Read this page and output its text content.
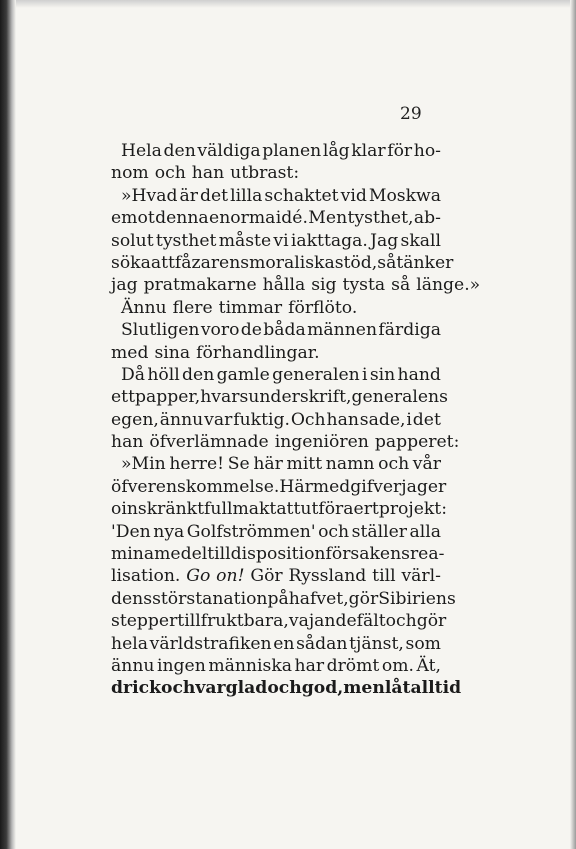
29
Hela den väldiga planen låg klar för ho-
nom och han utbrast:
»Hvad är det lilla schaktet vid Moskwa
emot denna enorma idé. Men tysthet, ab-
solut tysthet måste vi iakttaga. Jag skall
söka att få zarens moraliska stöd, så tänker
jag pratmakarne hålla sig tysta så länge.»
Ännu flere timmar förflöto.
Slutligen voro de båda männen färdiga
med sina förhandlingar.
Då höll den gamle generalen i sin hand
ett papper, hvars underskrift, generalens
egen, ännu var fuktig. Och han sade, i det
han öfverlämnade ingeniören papperet:
»Min herre! Se här mitt namn och vår
öfverenskommelse. Härmed gifver jag er
oinskränkt fullmakt att utföra ert projekt:
'Den nya Golfströmmen' och ställer alla
mina medel till disposition för sakens rea-
lisation. Go on! Gör Ryssland till värl-
dens största nation på hafvet, gör Sibiriens
stepper till fruktbara, vajande fält och gör
hela världstrafiken en sådan tjänst, som
ännu ingen människa har drömt om. Ät,
drick och var glad och god, men låt alltid
